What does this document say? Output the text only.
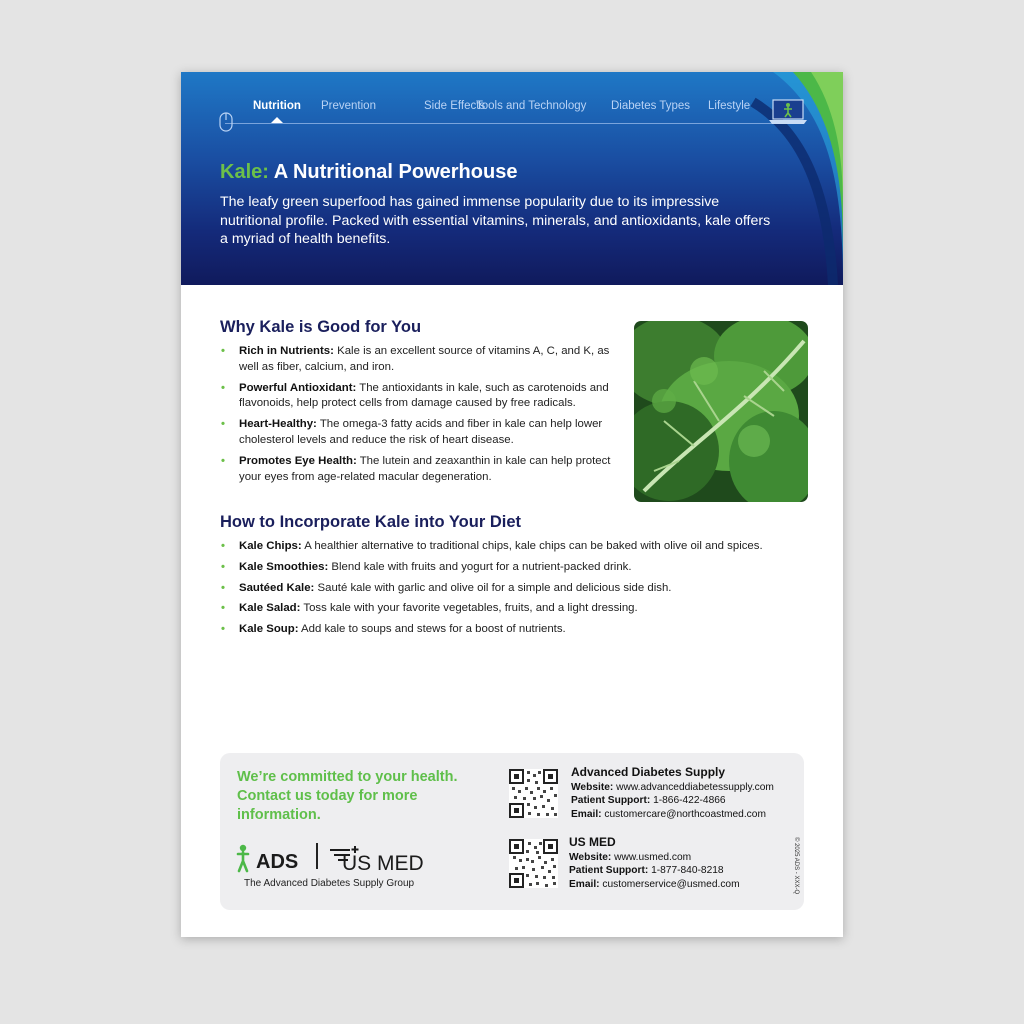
Nutrition Prevention	Side Effects
Tools and Technology Diabetes Types Lifestyle
Kale: A Nutritional Powerhouse

The leafy green superfood has gained immense popularity due to its impressive nutritional profile. Packed with essential vitamins, minerals, and antioxidants, kale offers a myriad of health benefits.

Why Kale is Good for You
• Rich in Nutrients: Kale is an excellent source of vitamins A, C, and K, as well as fiber, calcium, and iron.
• Powerful Antioxidant: The antioxidants in kale, such as carotenoids and flavonoids, help protect cells from damage caused by free radicals.
• Heart-Healthy: The omega-3 fatty acids and fiber in kale can help lower cholesterol levels and reduce the risk of heart disease.
• Promotes Eye Health: The lutein and zeaxanthin in kale can help protect your eyes from age-related macular degeneration.
How to Incorporate Kale into Your Diet
• Kale Chips: A healthier alternative to traditional chips, kale chips can be baked with olive oil and spices.
• Kale Smoothies: Blend kale with fruits and yogurt for a nutrient-packed drink.
• Sautéed Kale: Sauté kale with garlic and olive oil for a simple and delicious side dish.
• Kale Salad: Toss kale with your favorite vegetables, fruits, and a light dressing.
• Kale Soup: Add kale to soups and stews for a boost of nutrients.

We’re committed to your health. Contact us today for more information.

ADS US MED
The Advanced Diabetes Supply Group
Advanced Diabetes Supply
Website: www.advanceddiabetessupply.com
Patient Support: 1-866-422-4866
Email: customercare@northcoastmed.com
US MED
Website: www.usmed.com
Patient Support: 1-877-840-8218
Email: customerservice@usmed.com	© 2025 ADS - XXX-Q
